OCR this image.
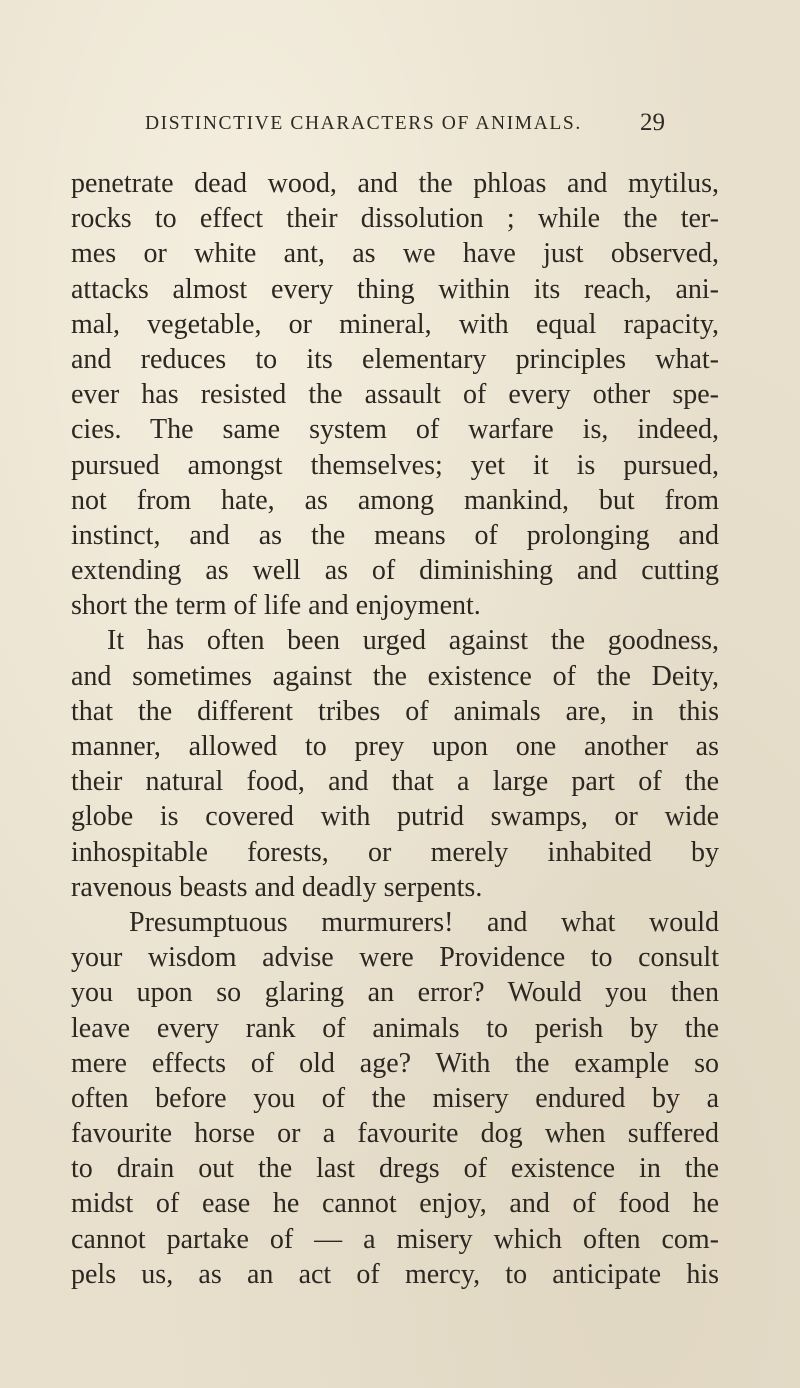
DISTINCTIVE CHARACTERS OF ANIMALS. 29
penetrate dead wood, and the phloas and mytilus,
rocks to effect their dissolution ; while the ter-
mes or white ant, as we have just observed,
attacks almost every thing within its reach, ani-
mal, vegetable, or mineral, with equal rapacity,
and reduces to its elementary principles what-
ever has resisted the assault of every other spe-
cies. The same system of warfare is, indeed,
pursued amongst themselves; yet it is pursued,
not from hate, as among mankind, but from
instinct, and as the means of prolonging and
extending as well as of diminishing and cutting
short the term of life and enjoyment.
It has often been urged against the goodness,
and sometimes against the existence of the Deity,
that the different tribes of animals are, in this
manner, allowed to prey upon one another as
their natural food, and that a large part of the
globe is covered with putrid swamps, or wide
inhospitable forests, or merely inhabited by
ravenous beasts and deadly serpents.
Presumptuous murmurers! and what would
your wisdom advise were Providence to consult
you upon so glaring an error? Would you then
leave every rank of animals to perish by the
mere effects of old age? With the example so
often before you of the misery endured by a
favourite horse or a favourite dog when suffered
to drain out the last dregs of existence in the
midst of ease he cannot enjoy, and of food he
cannot partake of — a misery which often com-
pels us, as an act of mercy, to anticipate his
